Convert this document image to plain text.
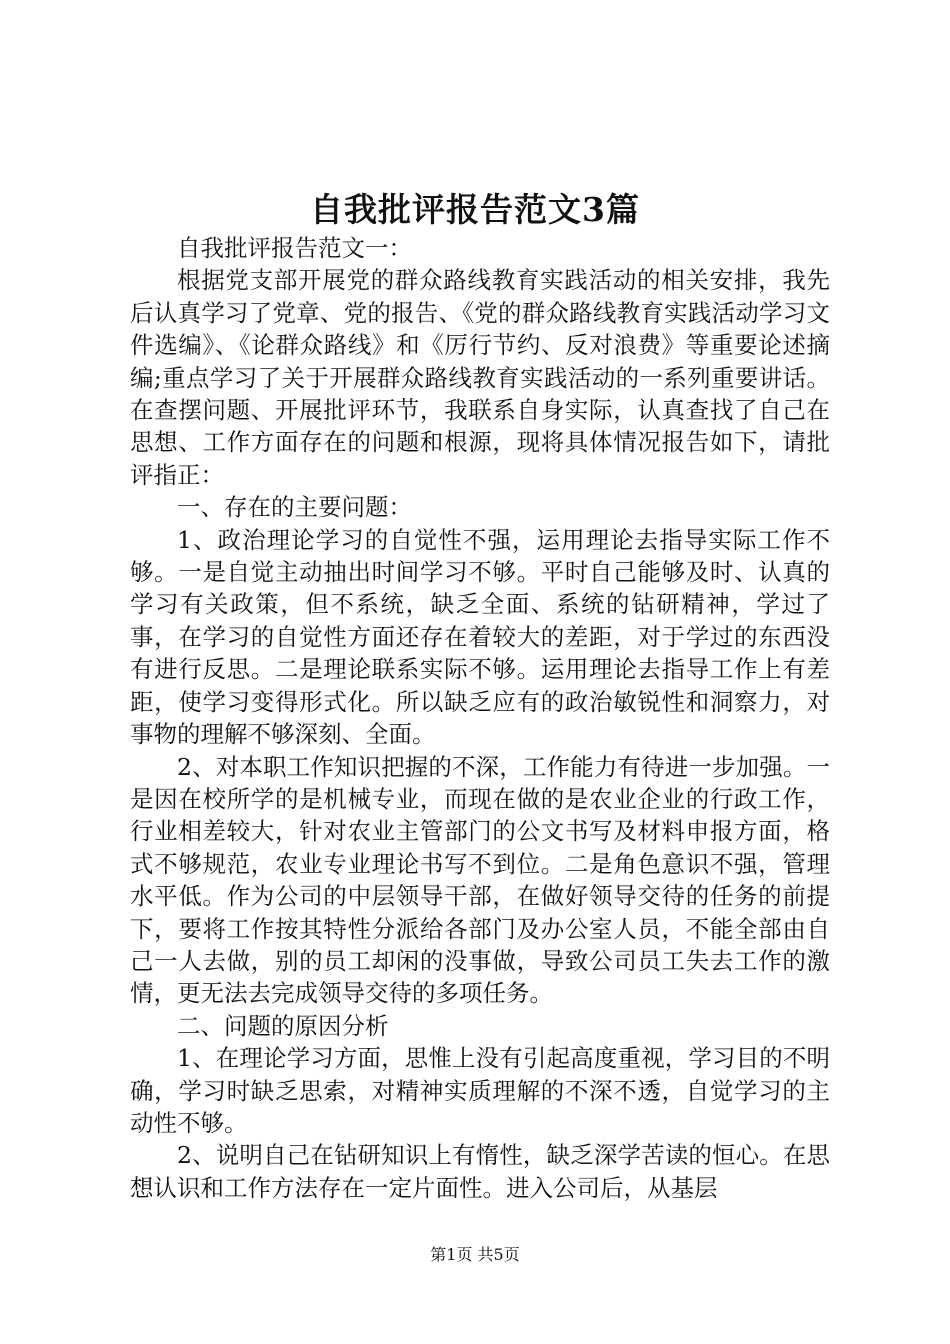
自我批评报告范文3篇

自我批评报告范文一：

根据党支部开展党的群众路线教育实践活动的相关安排，我先后认真学习了党章、党的报告、《党的群众路线教育实践活动学习文件选编》、《论群众路线》和《厉行节约、反对浪费》等重要论述摘编;重点学习了关于开展群众路线教育实践活动的一系列重要讲话。在查摆问题、开展批评环节，我联系自身实际，认真查找了自己在思想、工作方面存在的问题和根源，现将具体情况报告如下，请批评指正：

一、存在的主要问题：

1、政治理论学习的自觉性不强，运用理论去指导实际工作不够。一是自觉主动抽出时间学习不够。平时自己能够及时、认真的学习有关政策，但不系统，缺乏全面、系统的钻研精神，学过了事，在学习的自觉性方面还存在着较大的差距，对于学过的东西没有进行反思。二是理论联系实际不够。运用理论去指导工作上有差距，使学习变得形式化。所以缺乏应有的政治敏锐性和洞察力，对事物的理解不够深刻、全面。

2、对本职工作知识把握的不深，工作能力有待进一步加强。一是因在校所学的是机械专业，而现在做的是农业企业的行政工作，行业相差较大，针对农业主管部门的公文书写及材料申报方面，格式不够规范，农业专业理论书写不到位。二是角色意识不强，管理水平低。作为公司的中层领导干部，在做好领导交待的任务的前提下，要将工作按其特性分派给各部门及办公室人员，不能全部由自己一人去做，别的员工却闲的没事做，导致公司员工失去工作的激情，更无法去完成领导交待的多项任务。

二、问题的原因分析

1、在理论学习方面，思惟上没有引起高度重视，学习目的不明确，学习时缺乏思索，对精神实质理解的不深不透，自觉学习的主动性不够。

2、说明自己在钻研知识上有惰性，缺乏深学苦读的恒心。在思想认识和工作方法存在一定片面性。进入公司后，从基层

第1页 共5页
